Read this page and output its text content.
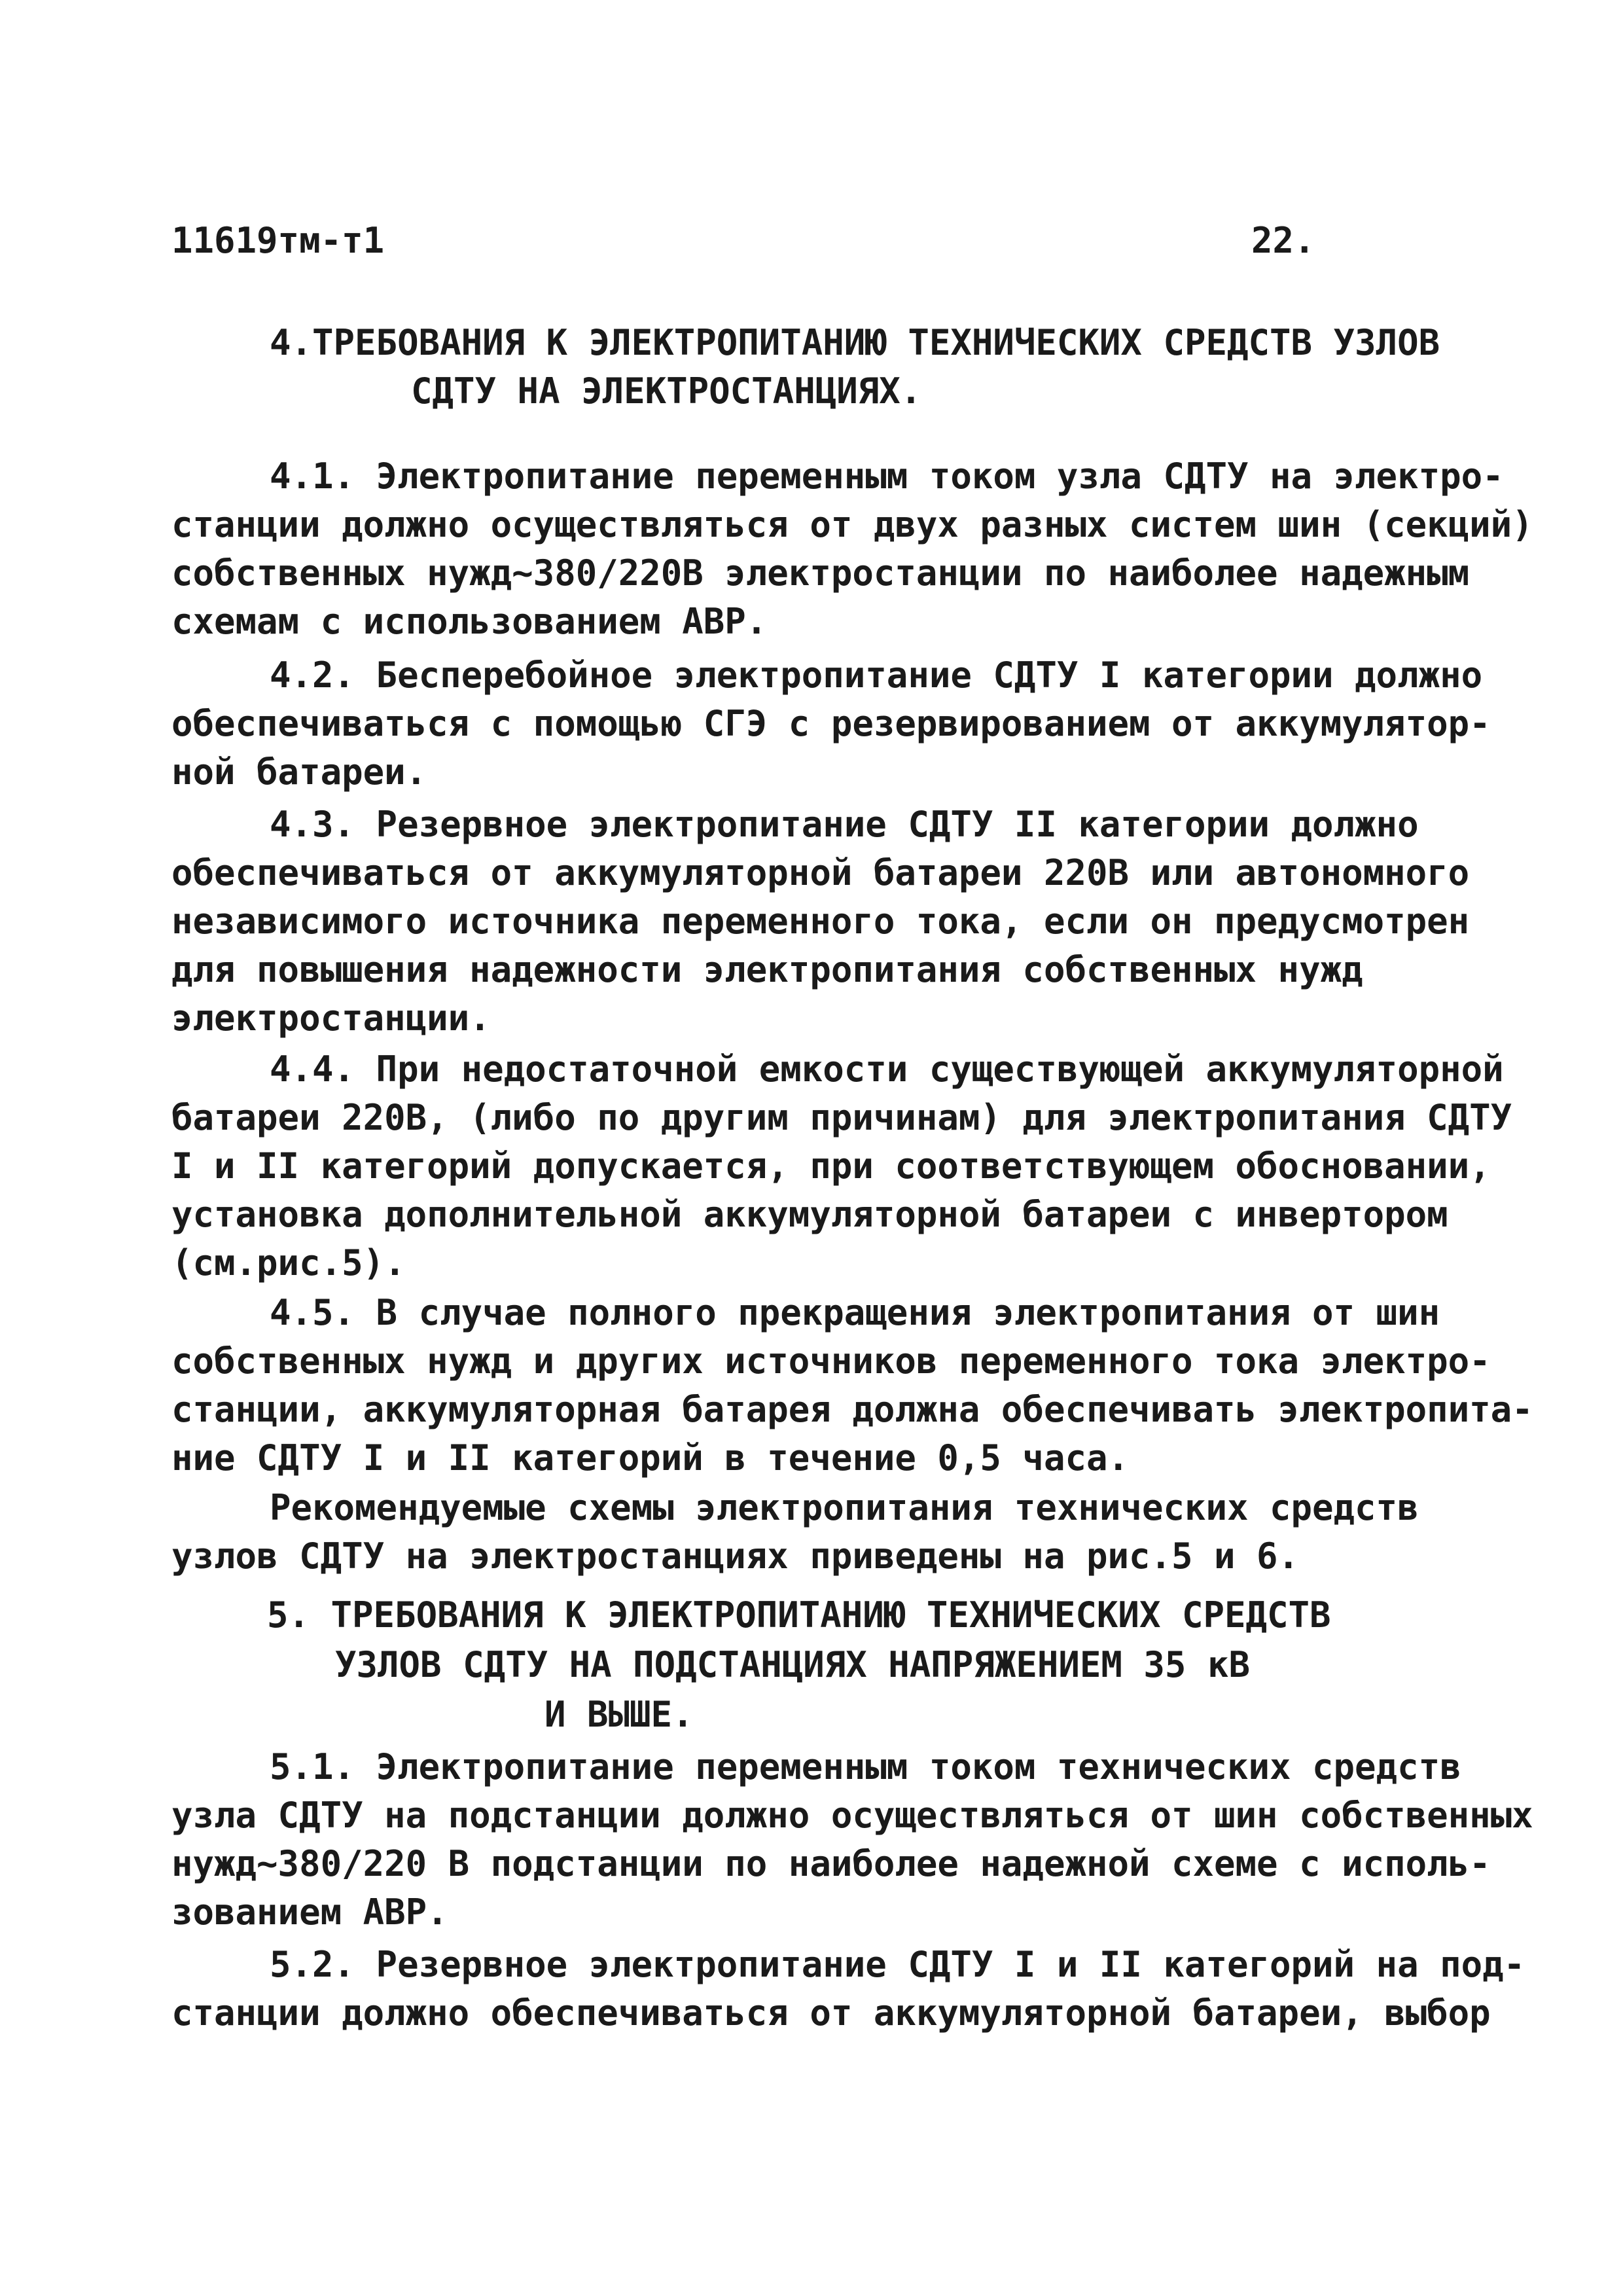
11619тм-т1	22.
4.ТРЕБОВАНИЯ К ЭЛЕКТРОПИТАНИЮ ТЕХНИЧЕСКИХ СРЕДСТВ УЗЛОВ
СДТУ НА ЭЛЕКТРОСТАНЦИЯХ.
4.1. Электропитание переменным током узла СДТУ на электро-
станции должно осуществляться от двух разных систем шин (секций)
собственных нужд~380/220В электростанции по наиболее надежным
схемам с использованием АВР.
4.2. Бесперебойное электропитание СДТУ I категории должно
обеспечиваться с помощью СГЭ с резервированием от аккумулятор-
ной батареи.
4.3. Резервное электропитание СДТУ II категории должно
обеспечиваться от аккумуляторной батареи 220В или автономного
независимого источника переменного тока, если он предусмотрен
для повышения надежности электропитания собственных нужд
электростанции.
4.4. При недостаточной емкости существующей аккумуляторной
батареи 220В, (либо по другим причинам) для электропитания СДТУ
I и II категорий допускается, при соответствующем обосновании,
установка дополнительной аккумуляторной батареи с инвертором
(см.рис.5).
4.5. В случае полного прекращения электропитания от шин
собственных нужд и других источников переменного тока электро-
станции, аккумуляторная батарея должна обеспечивать электропита-
ние СДТУ I и II категорий в течение 0,5 часа.
Рекомендуемые схемы электропитания технических средств
узлов СДТУ на электростанциях приведены на рис.5 и 6.
5. ТРЕБОВАНИЯ К ЭЛЕКТРОПИТАНИЮ ТЕХНИЧЕСКИХ СРЕДСТВ
УЗЛОВ СДТУ НА ПОДСТАНЦИЯХ НАПРЯЖЕНИЕМ 35 кВ
И ВЫШЕ.
5.1. Электропитание переменным током технических средств
узла СДТУ на подстанции должно осуществляться от шин собственных
нужд~380/220 В подстанции по наиболее надежной схеме с исполь-
зованием АВР.
5.2. Резервное электропитание СДТУ I и II категорий на под-
станции должно обеспечиваться от аккумуляторной батареи, выбор
